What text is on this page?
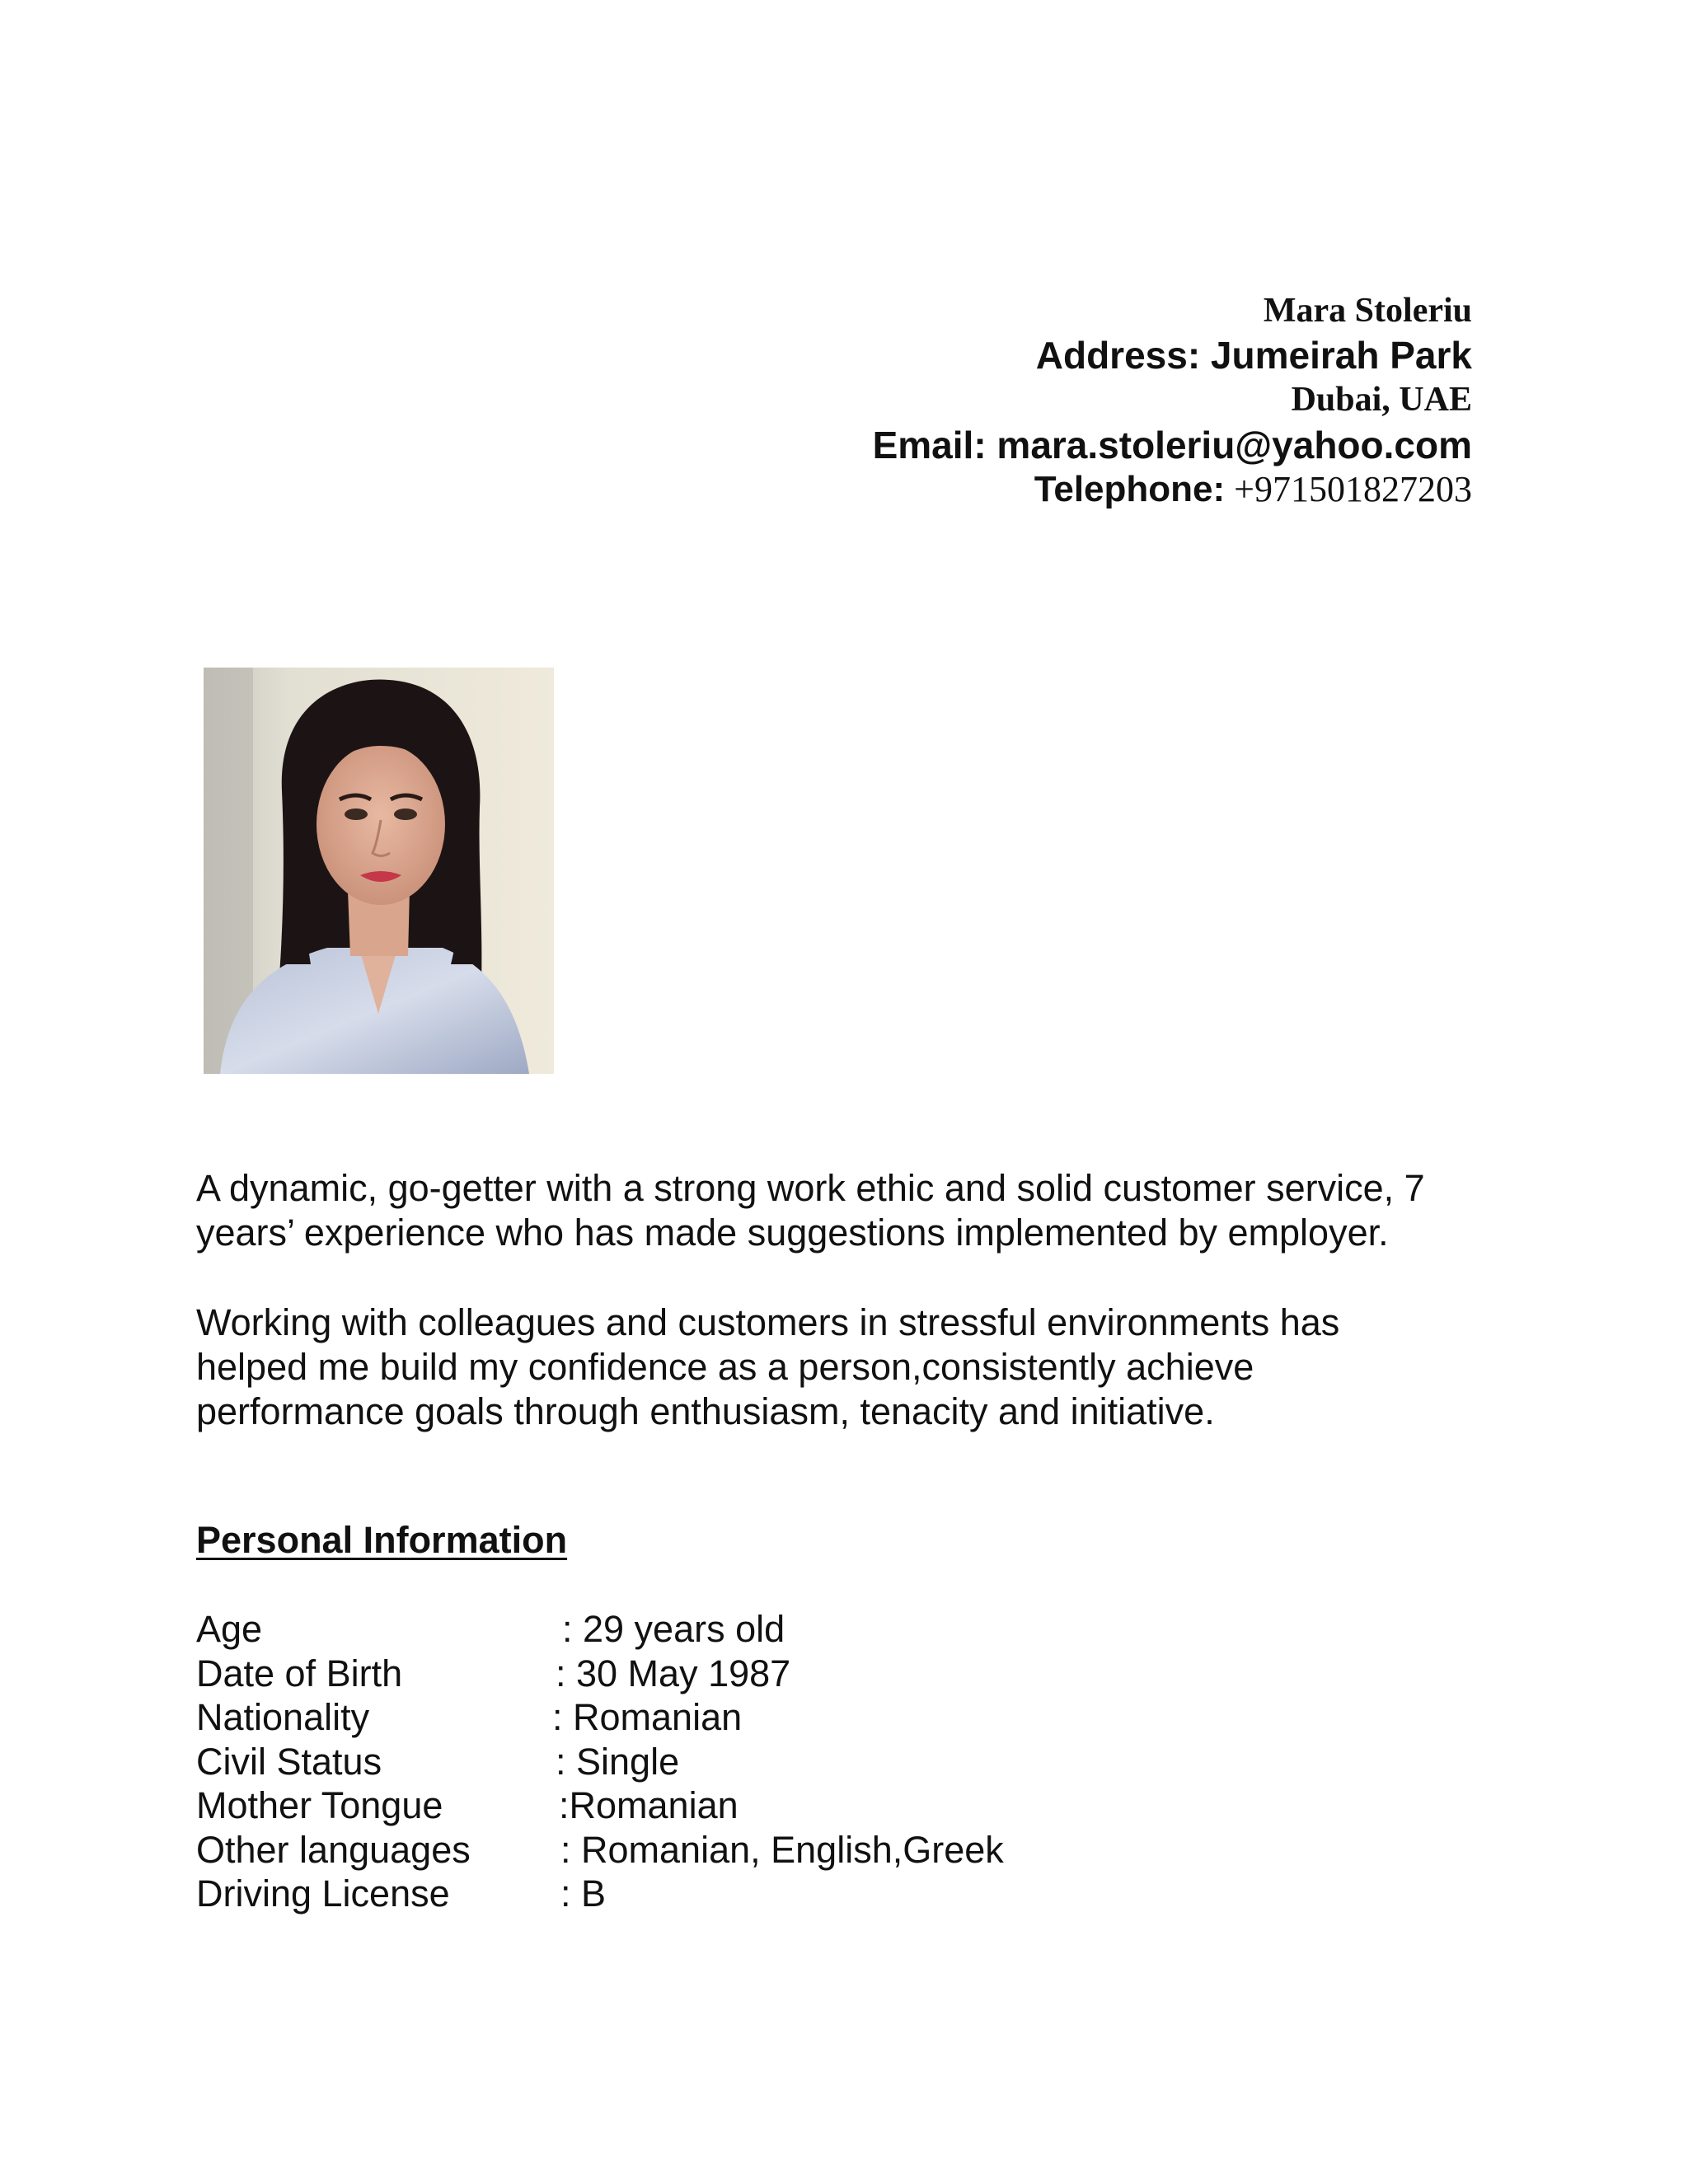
Mara Stoleriu
Address: Jumeirah Park
Dubai, UAE
Email: mara.stoleriu@yahoo.com
Telephone: +971501827203
A dynamic, go-getter with a strong work ethic and solid customer service, 7
years’ experience who has made suggestions implemented by employer.
Working with colleagues and customers in stressful environments has
helped me build my confidence as a person,consistently achieve
performance goals through enthusiasm, tenacity and initiative.
Personal Information
Age	: 29 years old
Date of Birth	: 30 May 1987
Nationality	: Romanian
Civil Status	: Single
Mother Tongue	:Romanian
Other languages : Romanian, English,Greek
Driving License	: B
